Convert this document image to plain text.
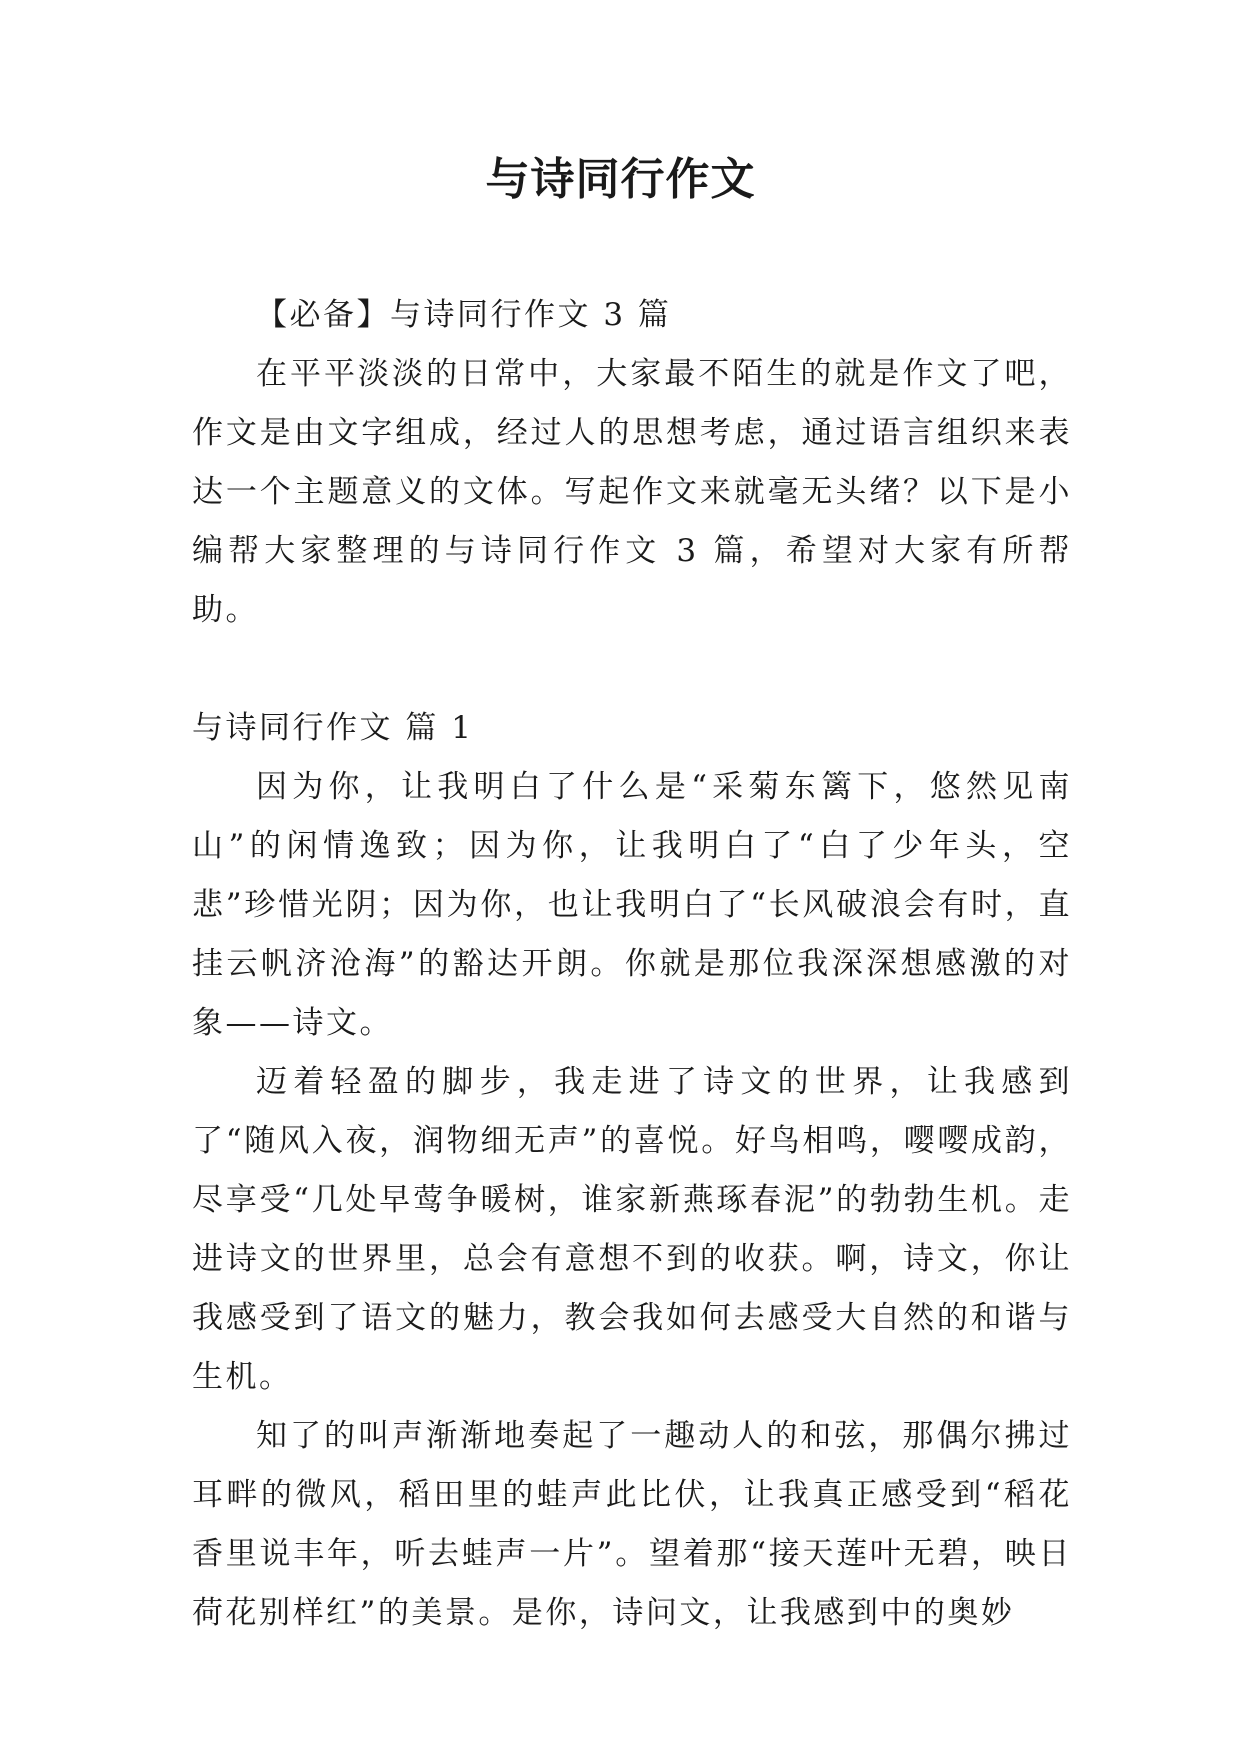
与诗同行作文

【必备】与诗同行作文 3 篇

在平平淡淡的日常中，大家最不陌生的就是作文了吧，作文是由文字组成，经过人的思想考虑，通过语言组织来表达一个主题意义的文体。写起作文来就毫无头绪？以下是小编帮大家整理的与诗同行作文 3 篇，希望对大家有所帮助。

与诗同行作文 篇 1

因为你，让我明白了什么是“采菊东篱下，悠然见南山”的闲情逸致；因为你，让我明白了“白了少年头，空悲”珍惜光阴；因为你，也让我明白了“长风破浪会有时，直挂云帆济沧海”的豁达开朗。你就是那位我深深想感激的对象——诗文。

迈着轻盈的脚步，我走进了诗文的世界，让我感到了“随风入夜，润物细无声”的喜悦。好鸟相鸣，嘤嘤成韵，尽享受“几处早莺争暖树，谁家新燕琢春泥”的勃勃生机。走进诗文的世界里，总会有意想不到的收获。啊，诗文，你让我感受到了语文的魅力，教会我如何去感受大自然的和谐与生机。

知了的叫声渐渐地奏起了一趣动人的和弦，那偶尔拂过耳畔的微风，稻田里的蛙声此比伏，让我真正感受到“稻花香里说丰年，听去蛙声一片”。望着那“接天莲叶无碧，映日荷花别样红”的美景。是你，诗问文，让我感到中的奥妙
